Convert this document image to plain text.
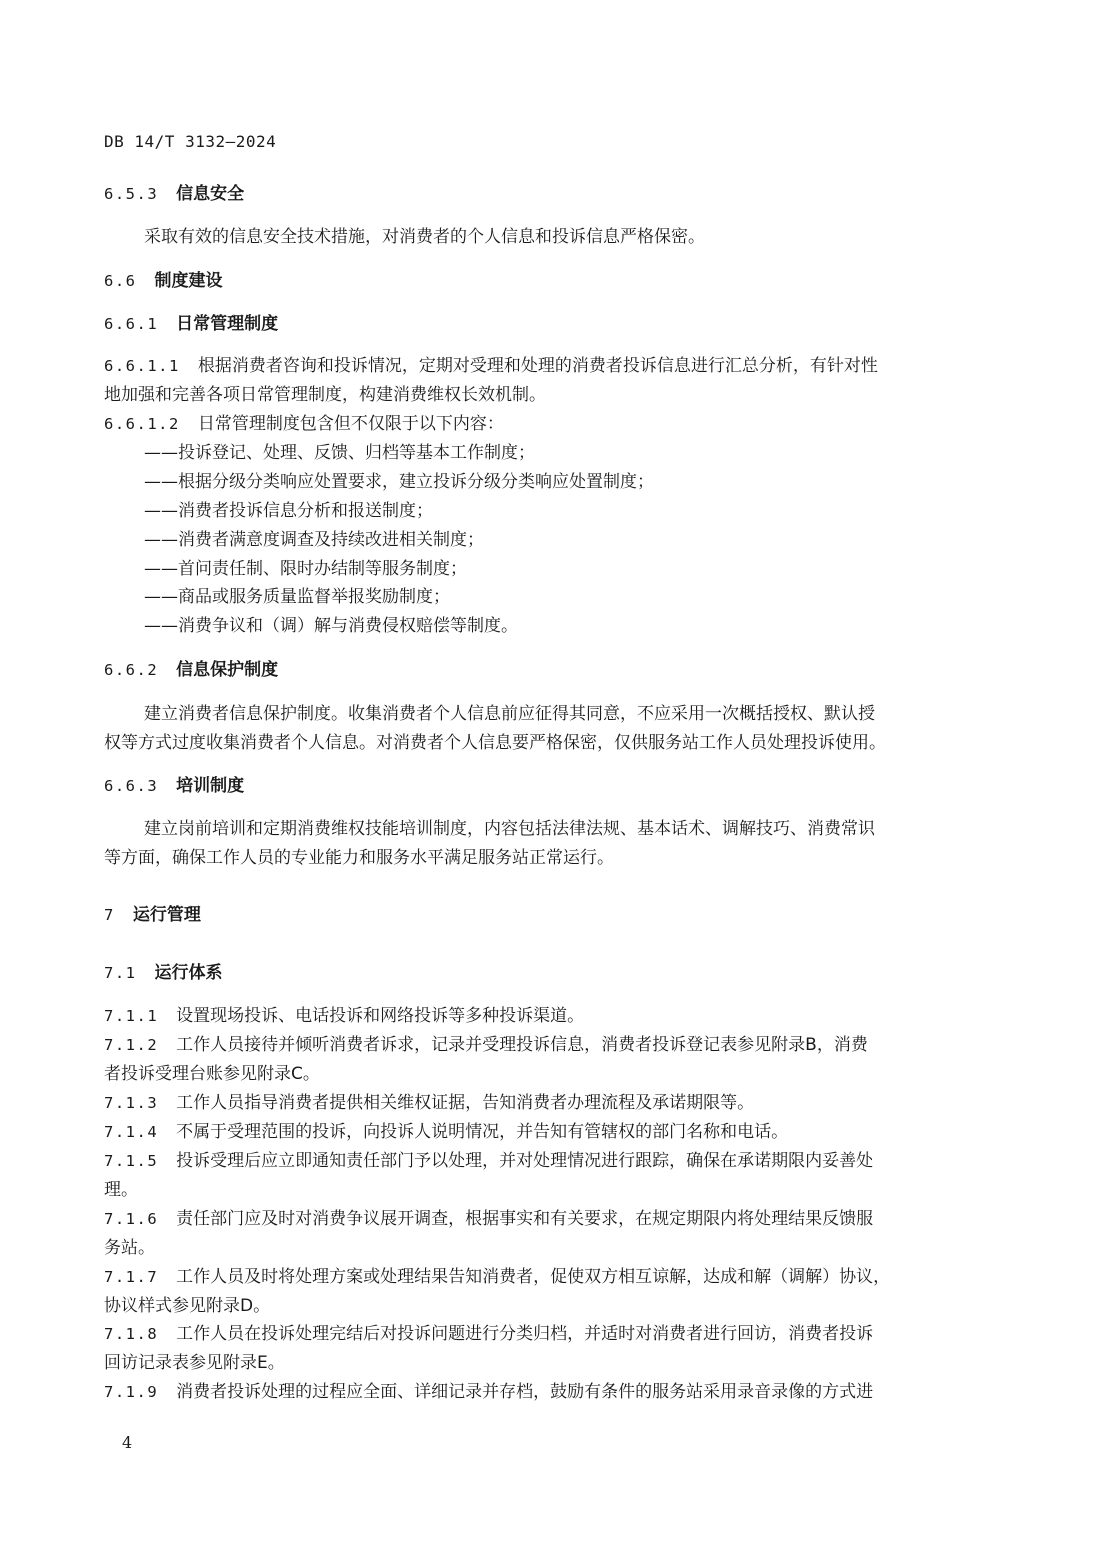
DB 14/T 3132—2024
6.5.3 信息安全
采取有效的信息安全技术措施，对消费者的个人信息和投诉信息严格保密。
6.6 制度建设
6.6.1 日常管理制度
6.6.1.1 根据消费者咨询和投诉情况，定期对受理和处理的消费者投诉信息进行汇总分析，有针对性
地加强和完善各项日常管理制度，构建消费维权长效机制。
6.6.1.2 日常管理制度包含但不仅限于以下内容：
——投诉登记、处理、反馈、归档等基本工作制度；
——根据分级分类响应处置要求，建立投诉分级分类响应处置制度；
——消费者投诉信息分析和报送制度；
——消费者满意度调查及持续改进相关制度；
——首问责任制、限时办结制等服务制度；
——商品或服务质量监督举报奖励制度；
——消费争议和（调）解与消费侵权赔偿等制度。
6.6.2 信息保护制度
建立消费者信息保护制度。收集消费者个人信息前应征得其同意，不应采用一次概括授权、默认授
权等方式过度收集消费者个人信息。对消费者个人信息要严格保密，仅供服务站工作人员处理投诉使用。
6.6.3 培训制度
建立岗前培训和定期消费维权技能培训制度，内容包括法律法规、基本话术、调解技巧、消费常识
等方面，确保工作人员的专业能力和服务水平满足服务站正常运行。
7 运行管理
7.1 运行体系
7.1.1 设置现场投诉、电话投诉和网络投诉等多种投诉渠道。
7.1.2 工作人员接待并倾听消费者诉求，记录并受理投诉信息，消费者投诉登记表参见附录B，消费
者投诉受理台账参见附录C。
7.1.3 工作人员指导消费者提供相关维权证据，告知消费者办理流程及承诺期限等。
7.1.4 不属于受理范围的投诉，向投诉人说明情况，并告知有管辖权的部门名称和电话。
7.1.5 投诉受理后应立即通知责任部门予以处理，并对处理情况进行跟踪，确保在承诺期限内妥善处
理。
7.1.6 责任部门应及时对消费争议展开调查，根据事实和有关要求，在规定期限内将处理结果反馈服
务站。
7.1.7 工作人员及时将处理方案或处理结果告知消费者，促使双方相互谅解，达成和解（调解）协议，
协议样式参见附录D。
7.1.8 工作人员在投诉处理完结后对投诉问题进行分类归档，并适时对消费者进行回访，消费者投诉
回访记录表参见附录E。
7.1.9 消费者投诉处理的过程应全面、详细记录并存档，鼓励有条件的服务站采用录音录像的方式进
4
